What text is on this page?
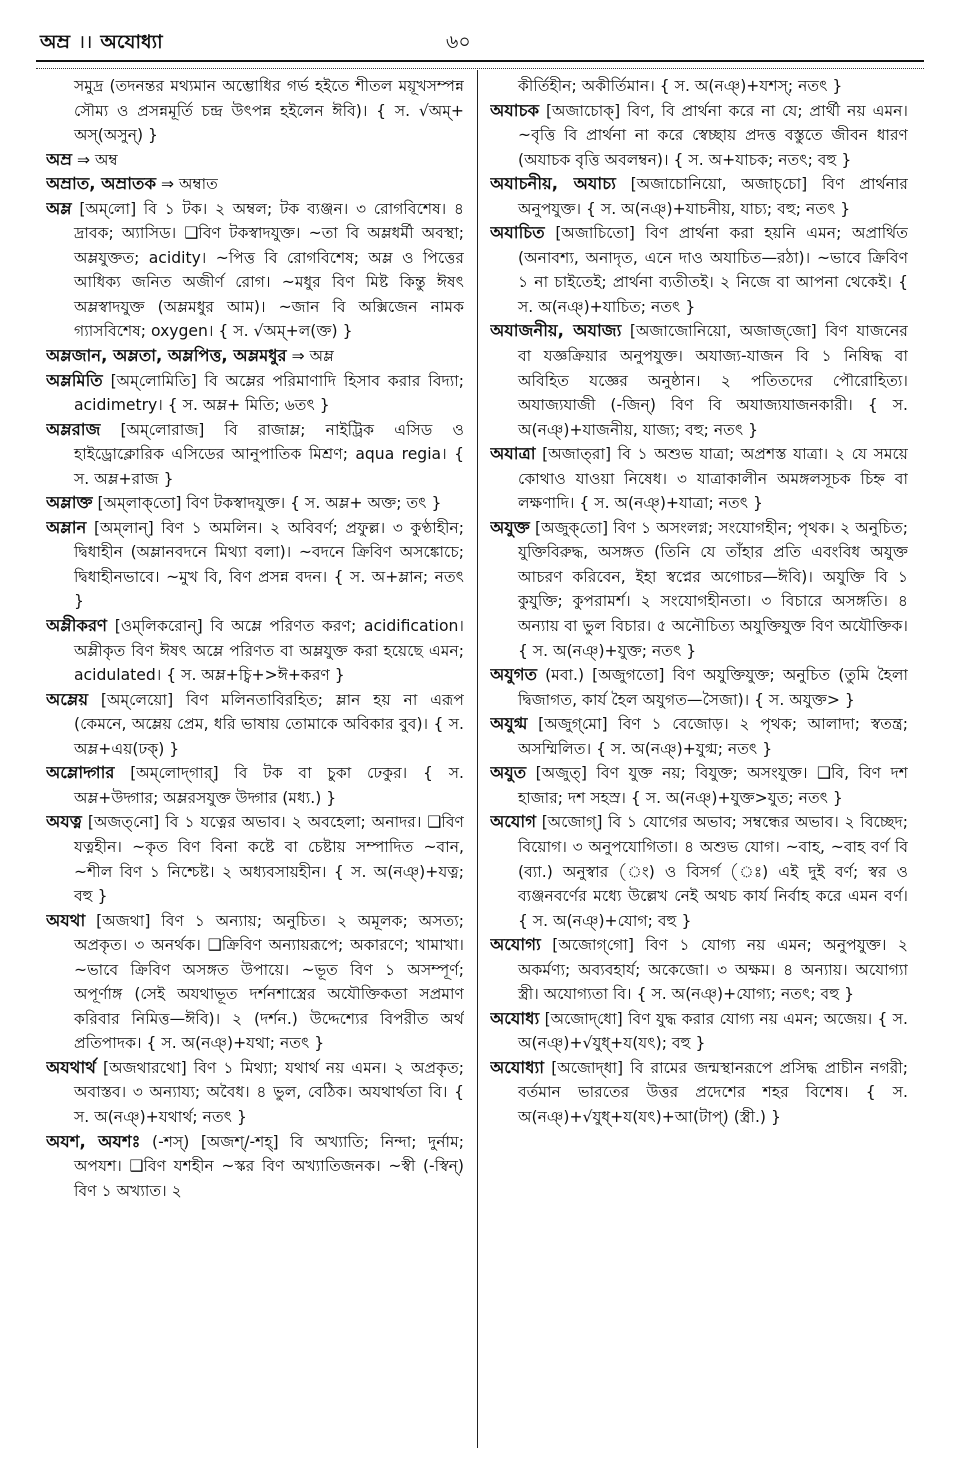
অম্র ।। অযোধ্যা	৬০
সমুদ্র (তদনন্তর মথ্যমান অম্ভোধির গর্ভ হইতে শীতল ময়ূখসম্পন্ন সৌম্য ও প্রসন্নমূর্তি চন্দ্র উৎপন্ন হইলেন ঈবি)। { স. √অম্‌+ অস্‌(অসুন্‌) }
অম্র ⇒ অম্ব
অম্রাত, অম্রাতক ⇒ অম্বাত
অম্ল [অম্‌লো] বি ১ টক। ২ অম্বল; টক ব্যঞ্জন। ৩ রোগবিশেষ। ৪ দ্রাবক; অ্যাসিড। ❑বিণ টকস্বাদযুক্ত। ~তা বি অম্লধর্মী অবস্থা; অম্লযুক্তত; acidity। ~পিত্ত বি রোগবিশেষ; অম্ল ও পিত্তের আধিক্য জনিত অজীর্ণ রোগ। ~মধুর বিণ মিষ্ট কিন্তু ঈষৎ অম্লস্বাদযুক্ত (অম্লমধুর আম)। ~জান বি অক্সিজেন নামক গ্যাসবিশেষ; oxygen। { স. √অম্‌+ল(ক্ত) }
অম্লজান, অম্লতা, অম্লপিত্ত, অম্লমধুর ⇒ অম্ল
অম্লমিতি [অম্‌লোমিতি] বি অম্লের পরিমাণাদি হিসাব করার বিদ্যা; acidimetry। { স. অম্ল+ মিতি; ৬তৎ }
অম্লরাজ [অম্‌লোরাজ] বি রাজাম্ল; নাইট্রিক এসিড ও হাইড্রোক্লোরিক এসিডের আনুপাতিক মিশ্রণ; aqua regia। { স. অম্ল+রাজ }
অম্লাক্ত [অম্‌লাক্‌তো] বিণ টকস্বাদযুক্ত। { স. অম্ল+ অক্ত; তৎ }
অম্লান [অম্‌লান্‌] বিণ ১ অমলিন। ২ অবিবর্ণ; প্রফুল্ল। ৩ কুণ্ঠাহীন; দ্বিধাহীন (অম্লানবদনে মিথ্যা বলা)। ~বদনে ক্রিবিণ অসঙ্কোচে; দ্বিধাহীনভাবে। ~মুখ বি, বিণ প্রসন্ন বদন। { স. অ+ম্লান; নতৎ }
অম্লীকরণ [ওম্‌লিকরোন্‌] বি অম্লে পরিণত করণ; acidification। অম্লীকৃত বিণ ঈষৎ অম্লে পরিণত বা অম্লযুক্ত করা হয়েছে এমন; acidulated। { স. অম্ল+চ্বি+>ঈ+করণ }
অম্লেয় [অম্‌লেয়ো] বিণ মলিনতাবিরহিত; ম্লান হয় না এরূপ (কেমনে, অম্লেয় প্রেম, ধরি ভাষায় তোমাকে অবিকার বুব)। { স. অম্ল+এয়(ঢক্‌) }
অম্লোদ্গার [অম্‌লোদ্‌গার্‌] বি টক বা চুকা ঢেকুর। { স. অম্ল+উদ্গার; অম্লরসযুক্ত উদ্গার (মধ্য.) }
অযত্ন [অজত্‌নো] বি ১ যত্নের অভাব। ২ অবহেলা; অনাদর। ❑বিণ যত্নহীন। ~কৃত বিণ বিনা কষ্টে বা চেষ্টায় সম্পাদিত ~বান, ~শীল বিণ ১ নিশ্চেষ্ট। ২ অধ্যবসায়হীন। { স. অ(নঞ্‌)+যত্ন; বহু }
অযথা [অজথা] বিণ ১ অন্যায়; অনুচিত। ২ অমূলক; অসত্য; অপ্রকৃত। ৩ অনর্থক। ❑ক্রিবিণ অন্যায়রূপে; অকারণে; খামাখা। ~ভাবে ক্রিবিণ অসঙ্গত উপায়ে। ~ভূত বিণ ১ অসম্পূর্ণ; অপূর্ণাঙ্গ (সেই অযথাভূত দর্শনশাস্ত্রের অযৌক্তিকতা সপ্রমাণ করিবার নিমিত্ত—ঈবি)। ২ (দর্শন.) উদ্দেশ্যের বিপরীত অর্থ প্রতিপাদক। { স. অ(নঞ্‌)+যথা; নতৎ }
অযথার্থ [অজথারথো] বিণ ১ মিথ্যা; যথার্থ নয় এমন। ২ অপ্রকৃত; অবাস্তব। ৩ অন্যায্য; অবৈধ। ৪ ভুল, বেঠিক। অযথার্থতা বি। { স. অ(নঞ্‌)+যথার্থ; নতৎ }
অযশ, অযশঃ (-শস্‌) [অজশ্‌/-শহ্‌] বি অখ্যাতি; নিন্দা; দুর্নাম; অপযশ। ❑বিণ যশহীন ~স্কর বিণ অখ্যাতিজনক। ~স্বী (-স্বিন্‌) বিণ ১ অখ্যাত। ২
কীর্তিহীন; অকীর্তিমান। { স. অ(নঞ্‌)+যশস্‌; নতৎ }
অযাচক [অজাচোক্‌] বিণ, বি প্রার্থনা করে না যে; প্রার্থী নয় এমন। ~বৃত্তি বি প্রার্থনা না করে স্বেচ্ছায় প্রদত্ত বস্তুতে জীবন ধারণ (অযাচক বৃত্তি অবলম্বন)। { স. অ+যাচক; নতৎ; বহু }
অযাচনীয়, অযাচ্য [অজাচোনিয়ো, অজাচ্‌চো] বিণ প্রার্থনার অনুপযুক্ত। { স. অ(নঞ্‌)+যাচনীয়, যাচ্য; বহু; নতৎ }
অযাচিত [অজাচিতো] বিণ প্রার্থনা করা হয়নি এমন; অপ্রার্থিত (অনাবশ্য, অনাদৃত, এনে দাও অযাচিত—রঠা)। ~ভাবে ক্রিবিণ ১ না চাইতেই; প্রার্থনা ব্যতীতই। ২ নিজে বা আপনা থেকেই। { স. অ(নঞ্‌)+যাচিত; নতৎ }
অযাজনীয়, অযাজ্য [অজাজোনিয়ো, অজাজ্‌জো] বিণ যাজনের বা যজ্ঞক্রিয়ার অনুপযুক্ত। অযাজ্য-যাজন বি ১ নিষিদ্ধ বা অবিহিত যজ্ঞের অনুষ্ঠান। ২ পতিতদের পৌরোহিত্য। অযাজ্যযাজী (-জিন্‌) বিণ বি অযাজ্যযাজনকারী। { স. অ(নঞ্‌)+যাজনীয়, যাজ্য; বহু; নতৎ }
অযাত্রা [অজাত্‌রা] বি ১ অশুভ যাত্রা; অপ্রশস্ত যাত্রা। ২ যে সময়ে কোথাও যাওয়া নিষেধ। ৩ যাত্রাকালীন অমঙ্গলসূচক চিহ্ন বা লক্ষণাদি। { স. অ(নঞ্‌)+যাত্রা; নতৎ }
অযুক্ত [অজুক্‌তো] বিণ ১ অসংলগ্ন; সংযোগহীন; পৃথক। ২ অনুচিত; যুক্তিবিরুদ্ধ, অসঙ্গত (তিনি যে তাঁহার প্রতি এবংবিধ অযুক্ত আচরণ করিবেন, ইহা স্বপ্নের অগোচর—ঈবি)। অযুক্তি বি ১ কুযুক্তি; কুপরামর্শ। ২ সংযোগহীনতা। ৩ বিচারে অসঙ্গতি। ৪ অন্যায় বা ভুল বিচার। ৫ অনৌচিত্য অযুক্তিযুক্ত বিণ অযৌক্তিক। { স. অ(নঞ্‌)+যুক্ত; নতৎ }
অযুগত (মবা.) [অজুগতো] বিণ অযুক্তিযুক্ত; অনুচিত (তুমি হৈলা দ্বিজাগত, কার্য হৈল অযুগত—সৈজা)। { স. অযুক্ত> }
অযুগ্ম [অজুগ্‌মো] বিণ ১ বেজোড়। ২ পৃথক; আলাদা; স্বতন্ত্র; অসম্মিলিত। { স. অ(নঞ্‌)+যুগ্ম; নতৎ }
অযুত [অজুত্‌] বিণ যুক্ত নয়; বিযুক্ত; অসংযুক্ত। ❑বি, বিণ দশ হাজার; দশ সহস্র। { স. অ(নঞ্‌)+যুক্ত>যুত; নতৎ }
অযোগ [অজোগ্‌] বি ১ যোগের অভাব; সম্বন্ধের অভাব। ২ বিচ্ছেদ; বিয়োগ। ৩ অনুপযোগিতা। ৪ অশুভ যোগ। ~বাহ, ~বাহ বর্ণ বি (ব্যা.) অনুস্বার (ং) ও বিসর্গ (ঃ) এই দুই বর্ণ; স্বর ও ব্যঞ্জনবর্ণের মধ্যে উল্লেখ নেই অথচ কার্য নির্বাহ করে এমন বর্ণ। { স. অ(নঞ্‌)+যোগ; বহু }
অযোগ্য [অজোগ্‌গো] বিণ ১ যোগ্য নয় এমন; অনুপযুক্ত। ২ অকর্মণ্য; অব্যবহার্য; অকেজো। ৩ অক্ষম। ৪ অন্যায়। অযোগ্যা স্ত্রী। অযোগ্যতা বি। { স. অ(নঞ্‌)+যোগ্য; নতৎ; বহু }
অযোধ্য [অজোদ্‌ধো] বিণ যুদ্ধ করার যোগ্য নয় এমন; অজেয়। { স. অ(নঞ্‌)+√যুধ্‌+য(যৎ); বহু }
অযোধ্যা [অজোদ্‌ধা] বি রামের জন্মস্থানরূপে প্রসিদ্ধ প্রাচীন নগরী; বর্তমান ভারতের উত্তর প্রদেশের শহর বিশেষ। { স. অ(নঞ্‌)+√যুধ্‌+য(যৎ)+আ(টাপ্‌) (স্ত্রী.) }
